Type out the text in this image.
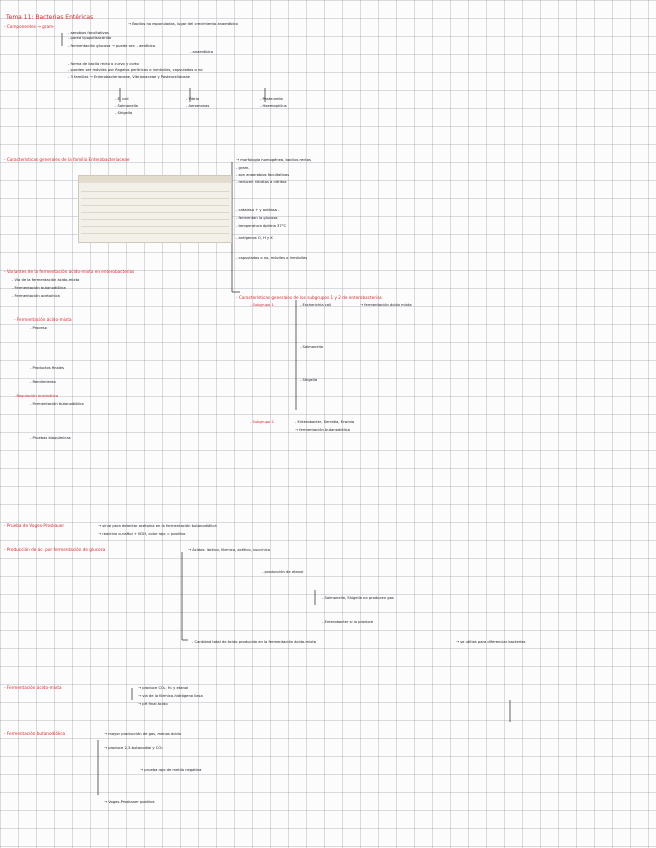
Tema 11: Bacterias Entéricas
- Componentes → gram-	→ Bacilos no esporulados, lugar del crecimiento anaeróbico
- aerobios facultativos
- pared lipopolisacárido
- fermentación glucosa → puede ser: - aeróbica
- anaeróbica
- forma de bacilo recto o curvo y corto
- pueden ser móviles por flagelos perítricos o inmóviles, capsulados o no
- 3 familias → Enterobacteriaceae, Vibrionaceae y Pasteurellaceae
- E. coli
- Salmonella
- Shigella
- Vibrio
- Aeromonas
- Pasteurella
- Haemophilus
- Características generales de la familia Enterobacteriaceae	→ morfología homogénea, bacilos rectos
- gram-
- son anaerobios facultativos
- reducen nitratos a nitritos
- catalasa + y oxidasa -
- fermentan la glucosa
- temperatura óptima 37°C
- antígenos O, H y K
- capsulados o no, móviles o inmóviles
- Variantes de la fermentación ácido-mixta en enterobacterias
- Vía de la fermentación ácido-mixta
- Fermentación butanodiólica
- Fermentación acetoínica	- Características generales de los subgrupos 1 y 2 de enterobacterias
- Subgrupo 1	- Escherichia coli
- Salmonella
- Shigella
→ fermentación ácido mixta
- Subgrupo 2	- Enterobacter, Serratia, Erwinia
→ fermentación butanodiólica
- Fermentación ácido-mixta
- Proceso
- Productos finales
- Rendimiento
- Regulación enzimática
- Fermentación butanodiólica
- Pruebas bioquímicas
- Prueba de Voges-Proskauer	→ sirve para detectar acetoína en la fermentación butanodiólica
→ reactivo α-naftol + KOH, color rojo = positivo
- Producción de ác. por fermentación de glucosa	→ Ácidos: láctico, fórmico, acético, succínico
- producción de etanol
- Salmonella, Shigella no producen gas
- Enterobacter si lo produce
- Cantidad total de ácido producido en la fermentación ácido-mixta	→ se utiliza para diferenciar bacterias
- Fermentación ácido-mixta	→ produce CO₂, H₂ y etanol
→ vía de la fórmico-hidrógeno liasa
→ pH final ácido
- Fermentación butanodiólica	→ mayor producción de gas, menos ácido
→ produce 2,3-butanodiol y CO₂
→ prueba rojo de metilo negativa
→ Voges-Proskauer positiva
